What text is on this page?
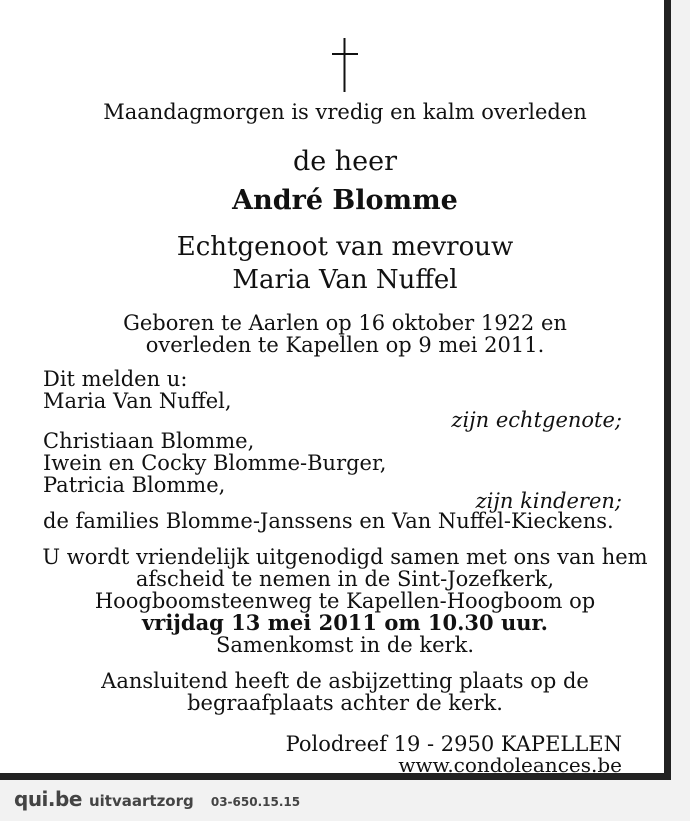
Maandagmorgen is vredig en kalm overleden
de heer
André Blomme
Echtgenoot van mevrouw
Maria Van Nuffel
Geboren te Aarlen op 16 oktober 1922 en
overleden te Kapellen op 9 mei 2011.
Dit melden u:
Maria Van Nuffel,
zijn echtgenote;
Christiaan Blomme,
Iwein en Cocky Blomme-Burger,
Patricia Blomme,
zijn kinderen;
de families Blomme-Janssens en Van Nuffel-Kieckens.
U wordt vriendelijk uitgenodigd samen met ons van hem
afscheid te nemen in de Sint-Jozefkerk,
Hoogboomsteenweg te Kapellen-Hoogboom op
vrijdag 13 mei 2011 om 10.30 uur.
Samenkomst in de kerk.
Aansluitend heeft de asbijzetting plaats op de
begraafplaats achter de kerk.
Polodreef 19 - 2950 KAPELLEN
www.condoleances.be
qui.be uitvaartzorg 03-650.15.15
